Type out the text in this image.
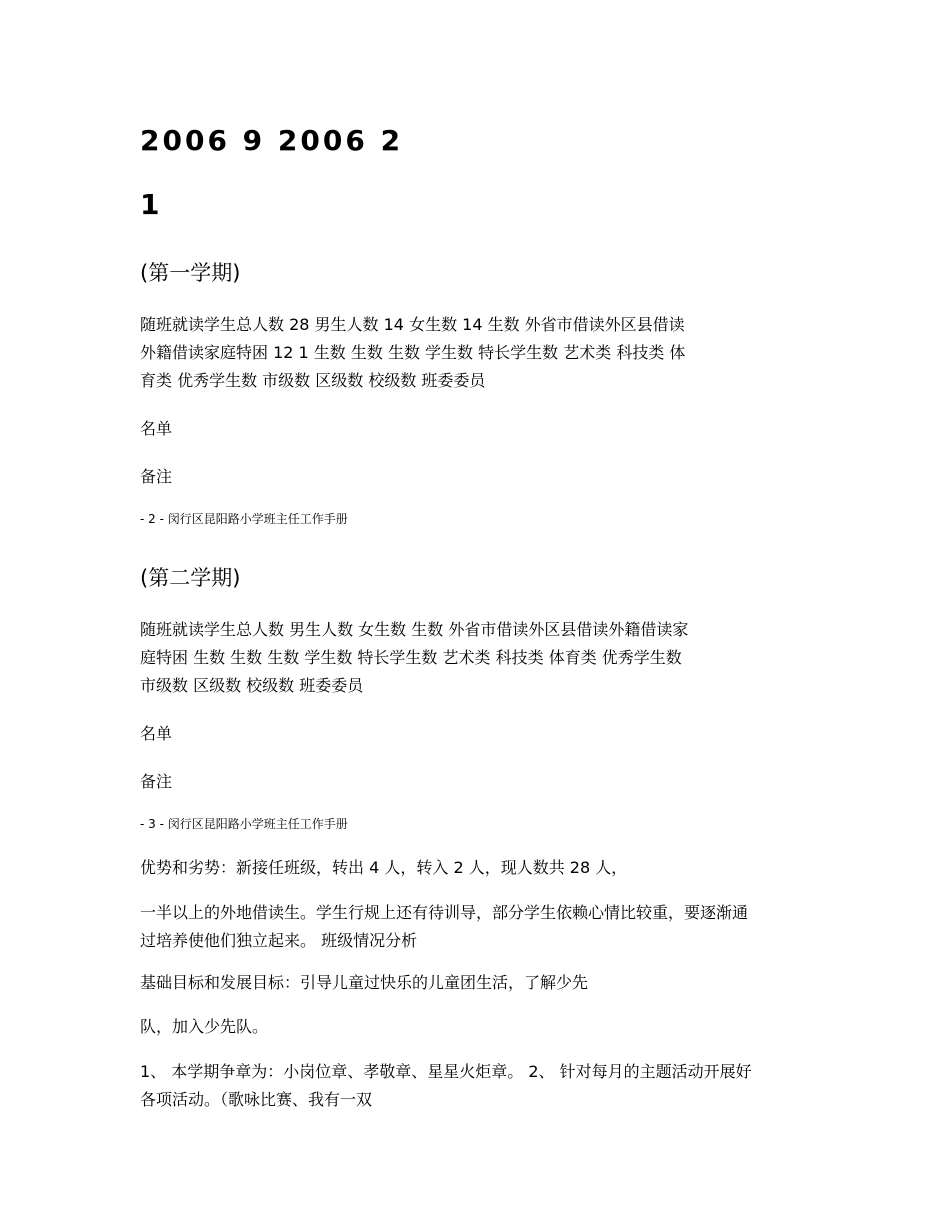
2006 9 2006 2
1
(第一学期)
随班就读学生总人数 28 男生人数 14 女生数 14 生数 外省市借读外区县借读
外籍借读家庭特困 12 1 生数 生数 生数 学生数 特长学生数 艺术类 科技类 体
育类 优秀学生数 市级数 区级数 校级数 班委委员
名单
备注
- 2 - 闵行区昆阳路小学班主任工作手册
(第二学期)
随班就读学生总人数 男生人数 女生数 生数 外省市借读外区县借读外籍借读家
庭特困 生数 生数 生数 学生数 特长学生数 艺术类 科技类 体育类 优秀学生数
市级数 区级数 校级数 班委委员
名单
备注
- 3 - 闵行区昆阳路小学班主任工作手册
优势和劣势：新接任班级，转出 4 人，转入 2 人，现人数共 28 人，
一半以上的外地借读生。学生行规上还有待训导，部分学生依赖心情比较重，要逐渐通
过培养使他们独立起来。 班级情况分析
基础目标和发展目标：引导儿童过快乐的儿童团生活，了解少先
队，加入少先队。
1、 本学期争章为：小岗位章、孝敬章、星星火炬章。 2、 针对每月的主题活动开展好
各项活动。（歌咏比赛、我有一双
